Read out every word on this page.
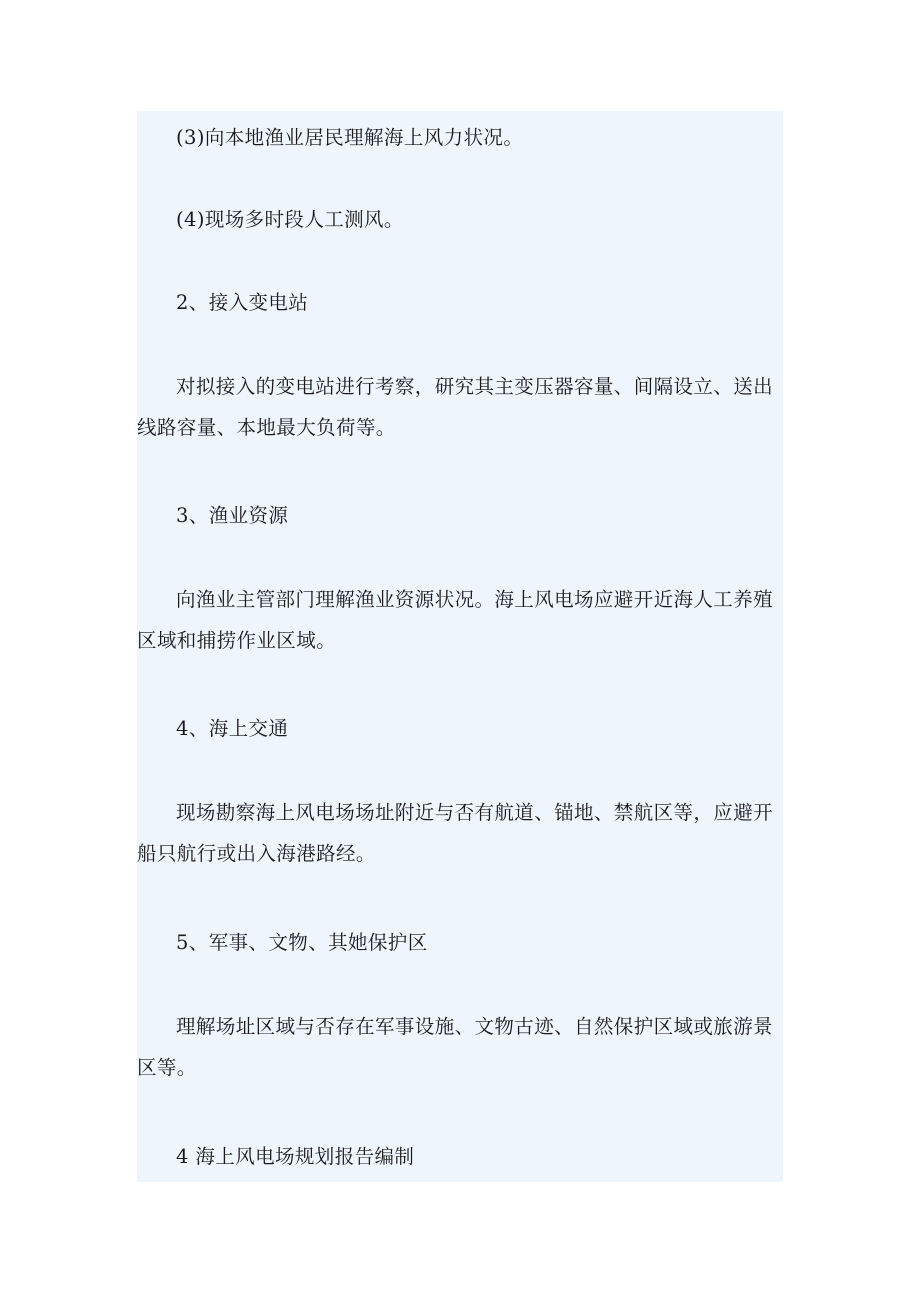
(3)向本地渔业居民理解海上风力状况。

(4)现场多时段人工测风。

2、接入变电站

对拟接入的变电站进行考察，研究其主变压器容量、间隔设立、送出
线路容量、本地最大负荷等。

3、渔业资源

向渔业主管部门理解渔业资源状况。海上风电场应避开近海人工养殖
区域和捕捞作业区域。

4、海上交通

现场勘察海上风电场场址附近与否有航道、锚地、禁航区等，应避开
船只航行或出入海港路经。

5、军事、文物、其她保护区

理解场址区域与否存在军事设施、文物古迹、自然保护区域或旅游景
区等。

4 海上风电场规划报告编制
